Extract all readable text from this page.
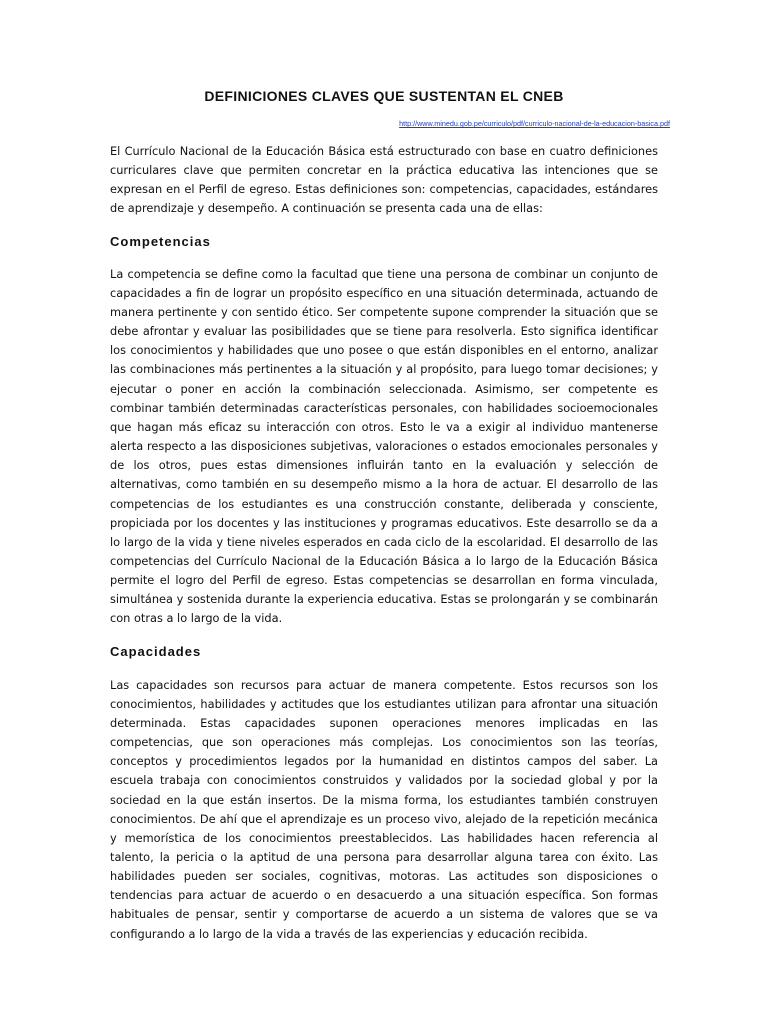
DEFINICIONES CLAVES QUE SUSTENTAN EL CNEB
http://www.minedu.gob.pe/curriculo/pdf/curriculo-nacional-de-la-educacion-basica.pdf

El Currículo Nacional de la Educación Básica está estructurado con base en cuatro definiciones curriculares clave que permiten concretar en la práctica educativa las intenciones que se expresan en el Perfil de egreso. Estas definiciones son: competencias, capacidades, estándares de aprendizaje y desempeño. A continuación se presenta cada una de ellas:

Competencias

La competencia se define como la facultad que tiene una persona de combinar un conjunto de capacidades a fin de lograr un propósito específico en una situación determinada, actuando de manera pertinente y con sentido ético. Ser competente supone comprender la situación que se debe afrontar y evaluar las posibilidades que se tiene para resolverla. Esto significa identificar los conocimientos y habilidades que uno posee o que están disponibles en el entorno, analizar las combinaciones más pertinentes a la situación y al propósito, para luego tomar decisiones; y ejecutar o poner en acción la combinación seleccionada. Asimismo, ser competente es combinar también determinadas características personales, con habilidades socioemocionales que hagan más eficaz su interacción con otros. Esto le va a exigir al individuo mantenerse alerta respecto a las disposiciones subjetivas, valoraciones o estados emocionales personales y de los otros, pues estas dimensiones influirán tanto en la evaluación y selección de alternativas, como también en su desempeño mismo a la hora de actuar. El desarrollo de las competencias de los estudiantes es una construcción constante, deliberada y consciente, propiciada por los docentes y las instituciones y programas educativos. Este desarrollo se da a lo largo de la vida y tiene niveles esperados en cada ciclo de la escolaridad. El desarrollo de las competencias del Currículo Nacional de la Educación Básica a lo largo de la Educación Básica permite el logro del Perfil de egreso. Estas competencias se desarrollan en forma vinculada, simultánea y sostenida durante la experiencia educativa. Estas se prolongarán y se combinarán con otras a lo largo de la vida.

Capacidades

Las capacidades son recursos para actuar de manera competente. Estos recursos son los conocimientos, habilidades y actitudes que los estudiantes utilizan para afrontar una situación determinada. Estas capacidades suponen operaciones menores implicadas en las competencias, que son operaciones más complejas. Los conocimientos son las teorías, conceptos y procedimientos legados por la humanidad en distintos campos del saber. La escuela trabaja con conocimientos construidos y validados por la sociedad global y por la sociedad en la que están insertos. De la misma forma, los estudiantes también construyen conocimientos. De ahí que el aprendizaje es un proceso vivo, alejado de la repetición mecánica y memorística de los conocimientos preestablecidos. Las habilidades hacen referencia al talento, la pericia o la aptitud de una persona para desarrollar alguna tarea con éxito. Las habilidades pueden ser sociales, cognitivas, motoras. Las actitudes son disposiciones o tendencias para actuar de acuerdo o en desacuerdo a una situación específica. Son formas habituales de pensar, sentir y comportarse de acuerdo a un sistema de valores que se va configurando a lo largo de la vida a través de las experiencias y educación recibida.
